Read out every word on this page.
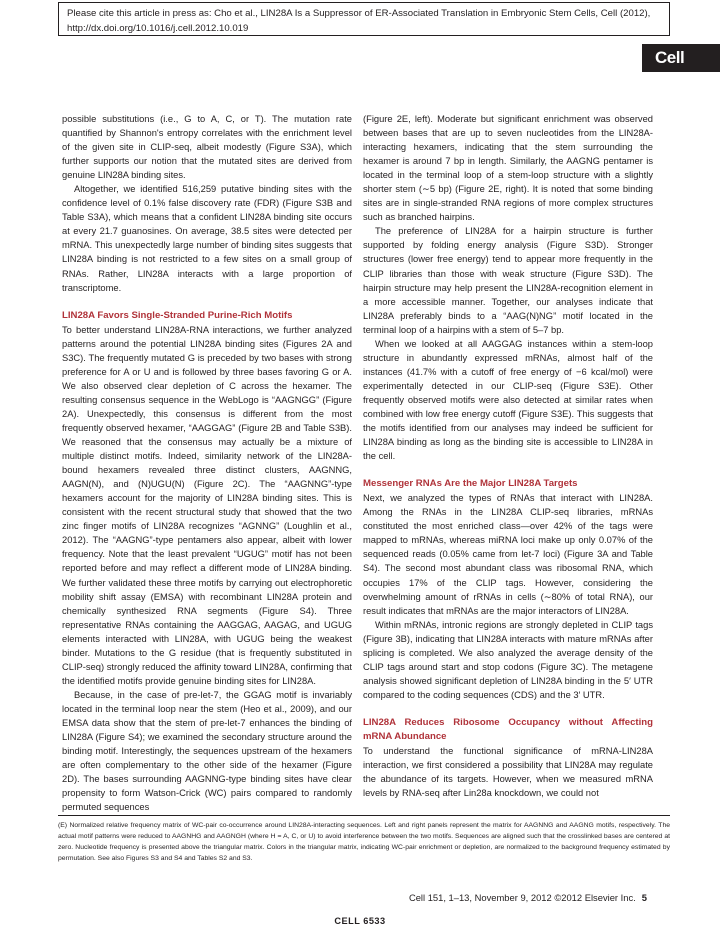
Please cite this article in press as: Cho et al., LIN28A Is a Suppressor of ER-Associated Translation in Embryonic Stem Cells, Cell (2012),
http://dx.doi.org/10.1016/j.cell.2012.10.019
Cell

possible substitutions (i.e., G to A, C, or T). The mutation rate quantified by Shannon's entropy correlates with the enrichment level of the given site in CLIP-seq, albeit modestly (Figure S3A), which further supports our notion that the mutated sites are derived from genuine LIN28A binding sites.

Altogether, we identified 516,259 putative binding sites with the confidence level of 0.1% false discovery rate (FDR) (Figure S3B and Table S3A), which means that a confident LIN28A binding site occurs at every 21.7 guanosines. On average, 38.5 sites were detected per mRNA. This unexpectedly large number of binding sites suggests that LIN28A binding is not restricted to a few sites on a small group of RNAs. Rather, LIN28A interacts with a large proportion of transcriptome.

LIN28A Favors Single-Stranded Purine-Rich Motifs

To better understand LIN28A-RNA interactions, we further analyzed patterns around the potential LIN28A binding sites (Figures 2A and S3C). The frequently mutated G is preceded by two bases with strong preference for A or U and is followed by three bases favoring G or A. We also observed clear depletion of C across the hexamer. The resulting consensus sequence in the WebLogo is “AAGNGG” (Figure 2A). Unexpectedly, this consensus is different from the most frequently observed hexamer, “AAGGAG” (Figure 2B and Table S3B). We reasoned that the consensus may actually be a mixture of multiple distinct motifs. Indeed, similarity network of the LIN28A-bound hexamers revealed three distinct clusters, AAGNNG, AAGN(N), and (N)UGU(N) (Figure 2C). The “AAGNNG”-type hexamers account for the majority of LIN28A binding sites. This is consistent with the recent structural study that showed that the two zinc finger motifs of LIN28A recognizes “AGNNG” (Loughlin et al., 2012). The “AAGNG”-type pentamers also appear, albeit with lower frequency. Note that the least prevalent “UGUG” motif has not been reported before and may reflect a different mode of LIN28A binding. We further validated these three motifs by carrying out electrophoretic mobility shift assay (EMSA) with recombinant LIN28A protein and chemically synthesized RNA segments (Figure S4). Three representative RNAs containing the AAGGAG, AAGAG, and UGUG elements interacted with LIN28A, with UGUG being the weakest binder. Mutations to the G residue (that is frequently substituted in CLIP-seq) strongly reduced the affinity toward LIN28A, confirming that the identified motifs provide genuine binding sites for LIN28A.

Because, in the case of pre-let-7, the GGAG motif is invariably located in the terminal loop near the stem (Heo et al., 2009), and our EMSA data show that the stem of pre-let-7 enhances the binding of LIN28A (Figure S4); we examined the secondary structure around the binding motif. Interestingly, the sequences upstream of the hexamers are often complementary to the other side of the hexamer (Figure 2D). The bases surrounding AAGNNG-type binding sites have clear propensity to form Watson-Crick (WC) pairs compared to randomly permuted sequences

(Figure 2E, left). Moderate but significant enrichment was observed between bases that are up to seven nucleotides from the LIN28A-interacting hexamers, indicating that the stem surrounding the hexamer is around 7 bp in length. Similarly, the AAGNG pentamer is located in the terminal loop of a stem-loop structure with a slightly shorter stem (∼5 bp) (Figure 2E, right). It is noted that some binding sites are in single-stranded RNA regions of more complex structures such as branched hairpins.

The preference of LIN28A for a hairpin structure is further supported by folding energy analysis (Figure S3D). Stronger structures (lower free energy) tend to appear more frequently in the CLIP libraries than those with weak structure (Figure S3D). The hairpin structure may help present the LIN28A-recognition element in a more accessible manner. Together, our analyses indicate that LIN28A preferably binds to a “AAG(N)NG” motif located in the terminal loop of a hairpins with a stem of 5–7 bp.

When we looked at all AAGGAG instances within a stem-loop structure in abundantly expressed mRNAs, almost half of the instances (41.7% with a cutoff of free energy of −6 kcal/mol) were experimentally detected in our CLIP-seq (Figure S3E). Other frequently observed motifs were also detected at similar rates when combined with low free energy cutoff (Figure S3E). This suggests that the motifs identified from our analyses may indeed be sufficient for LIN28A binding as long as the binding site is accessible to LIN28A in the cell.

Messenger RNAs Are the Major LIN28A Targets

Next, we analyzed the types of RNAs that interact with LIN28A. Among the RNAs in the LIN28A CLIP-seq libraries, mRNAs constituted the most enriched class—over 42% of the tags were mapped to mRNAs, whereas miRNA loci make up only 0.07% of the sequenced reads (0.05% came from let-7 loci) (Figure 3A and Table S4). The second most abundant class was ribosomal RNA, which occupies 17% of the CLIP tags. However, considering the overwhelming amount of rRNAs in cells (∼80% of total RNA), our result indicates that mRNAs are the major interactors of LIN28A.

Within mRNAs, intronic regions are strongly depleted in CLIP tags (Figure 3B), indicating that LIN28A interacts with mature mRNAs after splicing is completed. We also analyzed the average density of the CLIP tags around start and stop codons (Figure 3C). The metagene analysis showed significant depletion of LIN28A binding in the 5′ UTR compared to the coding sequences (CDS) and the 3′ UTR.

LIN28A Reduces Ribosome Occupancy without Affecting mRNA Abundance

To understand the functional significance of mRNA-LIN28A interaction, we first considered a possibility that LIN28A may regulate the abundance of its targets. However, when we measured mRNA levels by RNA-seq after Lin28a knockdown, we could not

(E) Normalized relative frequency matrix of WC-pair co-occurrence around LIN28A-interacting sequences. Left and right panels represent the matrix for AAGNNG and AAGNG motifs, respectively. The actual motif patterns were reduced to AAGNHG and AAGNGH (where H = A, C, or U) to avoid interference between the two motifs. Sequences are aligned such that the crosslinked bases are centered at zero. Nucleotide frequency is presented above the triangular matrix. Colors in the triangular matrix, indicating WC-pair enrichment or depletion, are normalized to the background frequency estimated by permutation. See also Figures S3 and S4 and Tables S2 and S3.
Cell 151, 1–13, November 9, 2012 ©2012 Elsevier Inc. 5
CELL 6533
